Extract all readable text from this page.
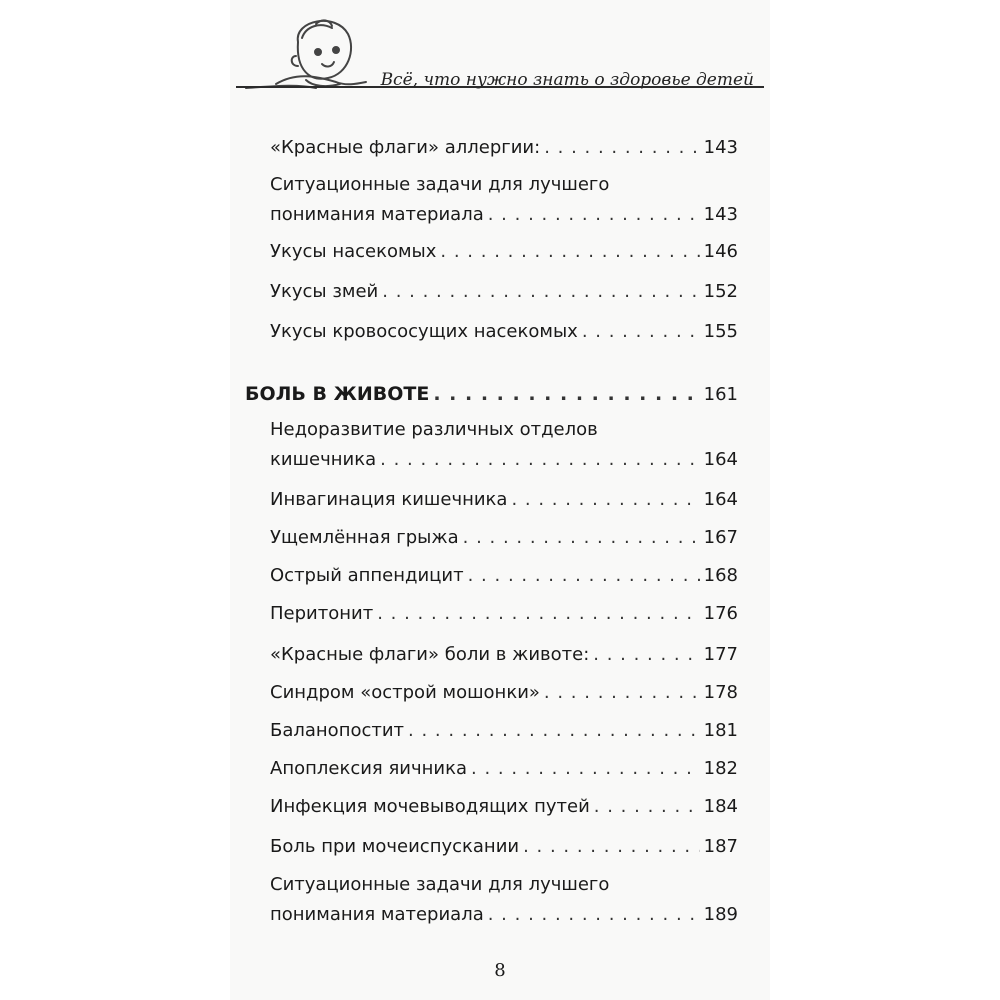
Всё, что нужно знать о здоровье детей
«Красные флаги» аллергии: . . .	143
Ситуационные задачи для лучшего
понимания материала . . .	143
Укусы насекомых . . .	146
Укусы змей . . .	152
Укусы кровососущих насекомых . . .	155
БОЛЬ В ЖИВОТЕ . . .	161
Недоразвитие различных отделов
кишечника . . .	164
Инвагинация кишечника . . .	164
Ущемлённая грыжа . . .	167
Острый аппендицит . . .	168
Перитонит . . .	176
«Красные флаги» боли в животе: . . .	177
Синдром «острой мошонки» . . .	178
Баланопостит . . .	181
Апоплексия яичника . . .	182
Инфекция мочевыводящих путей . . .	184
Боль при мочеиспускании . . .	187
Ситуационные задачи для лучшего
понимания материала . . .	189
8
